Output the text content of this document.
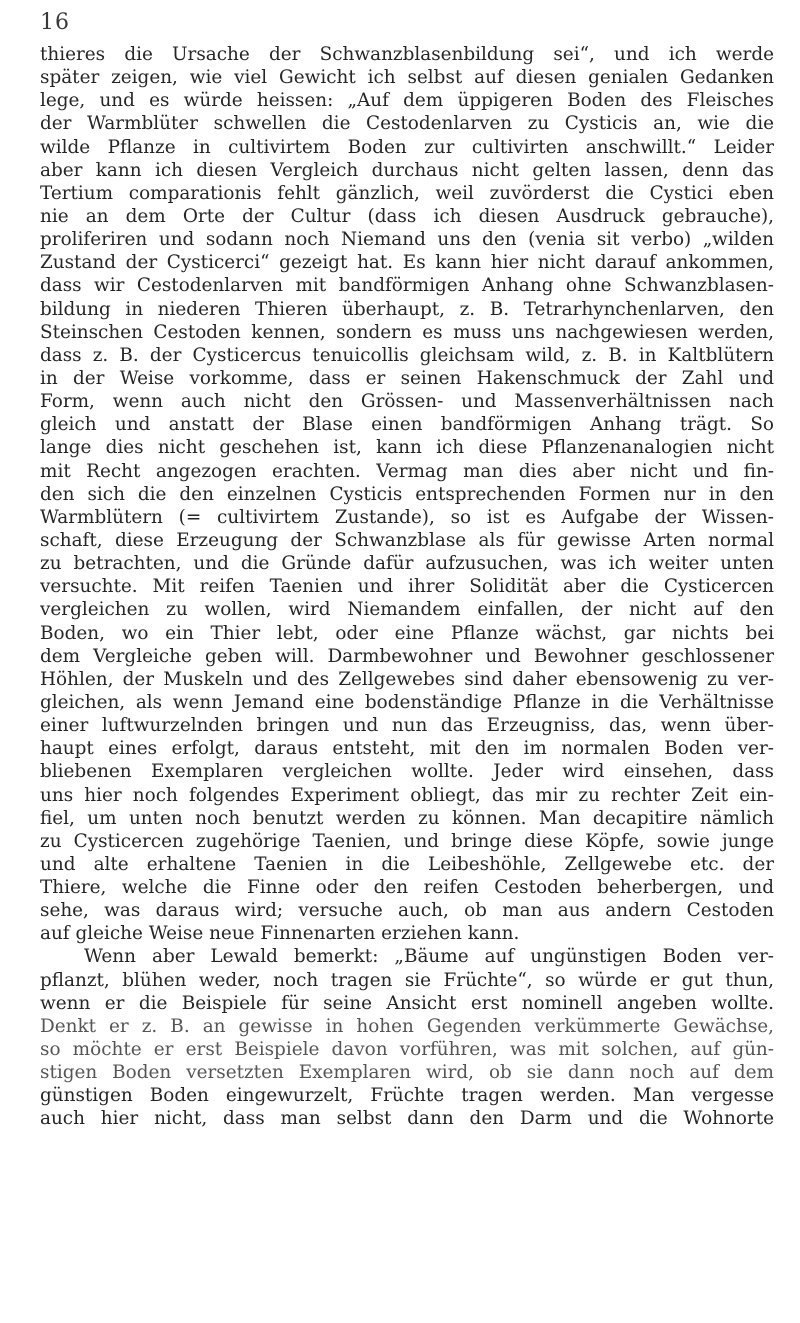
16
thieres die Ursache der Schwanzblasenbildung sei“, und ich werde
später zeigen, wie viel Gewicht ich selbst auf diesen genialen Gedanken
lege, und es würde heissen: „Auf dem üppigeren Boden des Fleisches
der Warmblüter schwellen die Cestodenlarven zu Cysticis an, wie die
wilde Pflanze in cultivirtem Boden zur cultivirten anschwillt.“ Leider
aber kann ich diesen Vergleich durchaus nicht gelten lassen, denn das
Tertium comparationis fehlt gänzlich, weil zuvörderst die Cystici eben
nie an dem Orte der Cultur (dass ich diesen Ausdruck gebrauche),
proliferiren und sodann noch Niemand uns den (venia sit verbo) „wilden
Zustand der Cysticerci“ gezeigt hat. Es kann hier nicht darauf ankommen,
dass wir Cestodenlarven mit bandförmigen Anhang ohne Schwanzblasen-
bildung in niederen Thieren überhaupt, z. B. Tetrarhynchenlarven, den
Steinschen Cestoden kennen, sondern es muss uns nachgewiesen werden,
dass z. B. der Cysticercus tenuicollis gleichsam wild, z. B. in Kaltblütern
in der Weise vorkomme, dass er seinen Hakenschmuck der Zahl und
Form, wenn auch nicht den Grössen- und Massenverhältnissen nach
gleich und anstatt der Blase einen bandförmigen Anhang trägt. So
lange dies nicht geschehen ist, kann ich diese Pflanzenanalogien nicht
mit Recht angezogen erachten. Vermag man dies aber nicht und fin-
den sich die den einzelnen Cysticis entsprechenden Formen nur in den
Warmblütern (= cultivirtem Zustande), so ist es Aufgabe der Wissen-
schaft, diese Erzeugung der Schwanzblase als für gewisse Arten normal
zu betrachten, und die Gründe dafür aufzusuchen, was ich weiter unten
versuchte. Mit reifen Taenien und ihrer Solidität aber die Cysticercen
vergleichen zu wollen, wird Niemandem einfallen, der nicht auf den
Boden, wo ein Thier lebt, oder eine Pflanze wächst, gar nichts bei
dem Vergleiche geben will. Darmbewohner und Bewohner geschlossener
Höhlen, der Muskeln und des Zellgewebes sind daher ebensowenig zu ver-
gleichen, als wenn Jemand eine bodenständige Pflanze in die Verhältnisse
einer luftwurzelnden bringen und nun das Erzeugniss, das, wenn über-
haupt eines erfolgt, daraus entsteht, mit den im normalen Boden ver-
bliebenen Exemplaren vergleichen wollte. Jeder wird einsehen, dass
uns hier noch folgendes Experiment obliegt, das mir zu rechter Zeit ein-
fiel, um unten noch benutzt werden zu können. Man decapitire nämlich
zu Cysticercen zugehörige Taenien, und bringe diese Köpfe, sowie junge
und alte erhaltene Taenien in die Leibeshöhle, Zellgewebe etc. der
Thiere, welche die Finne oder den reifen Cestoden beherbergen, und
sehe, was daraus wird; versuche auch, ob man aus andern Cestoden
auf gleiche Weise neue Finnenarten erziehen kann.
Wenn aber Lewald bemerkt: „Bäume auf ungünstigen Boden ver-
pflanzt, blühen weder, noch tragen sie Früchte“, so würde er gut thun,
wenn er die Beispiele für seine Ansicht erst nominell angeben wollte.
Denkt er z. B. an gewisse in hohen Gegenden verkümmerte Gewächse,
so möchte er erst Beispiele davon vorführen, was mit solchen, auf gün-
stigen Boden versetzten Exemplaren wird, ob sie dann noch auf dem
günstigen Boden eingewurzelt, Früchte tragen werden. Man vergesse
auch hier nicht, dass man selbst dann den Darm und die Wohnorte
